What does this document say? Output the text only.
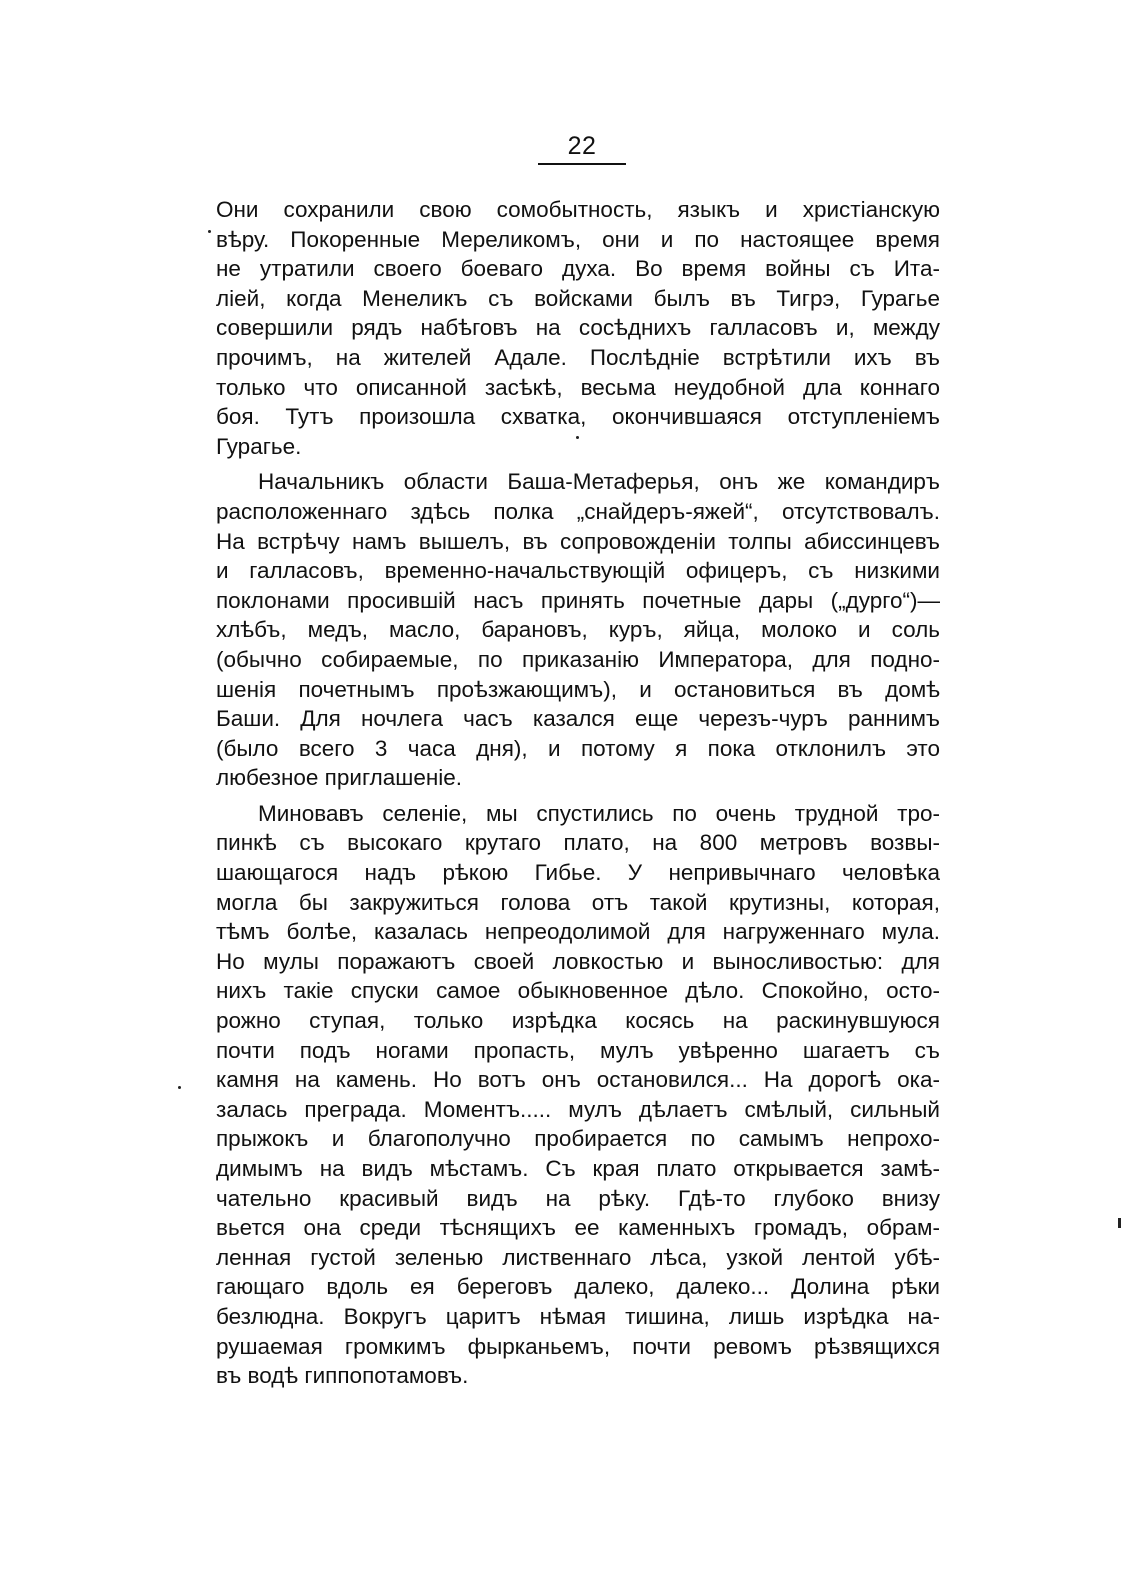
22
Они сохранили свою сомобытность, языкъ и христіанскую
вѣру. Покоренные Мереликомъ, они и по настоящее время
не утратили своего боеваго духа. Во время войны съ Ита-
ліей, когда Менеликъ съ войсками былъ въ Тигрэ, Гурагье
совершили рядъ набѣговъ на сосѣднихъ галласовъ и, между
прочимъ, на жителей Адале. Послѣдніе встрѣтили ихъ въ
только что описанной засѣкѣ, весьма неудобной дла коннаго
боя. Тутъ произошла схватка, окончившаяся отступленіемъ
Гурагье.
Начальникъ области Баша-Метаферья, онъ же командиръ
расположеннаго здѣсь полка „снайдеръ-яжей“, отсутствовалъ.
На встрѣчу намъ вышелъ, въ сопровожденіи толпы абиссинцевъ
и галласовъ, временно-начальствующій офицеръ, съ низкими
поклонами просившій насъ принять почетные дары („дурго“)—
хлѣбъ, медъ, масло, барановъ, куръ, яйца, молоко и соль
(обычно собираемые, по приказанію Императора, для подно-
шенія почетнымъ проѣзжающимъ), и остановиться въ домѣ
Баши. Для ночлега часъ казался еще черезъ-чуръ раннимъ
(было всего 3 часа дня), и потому я пока отклонилъ это
любезное приглашеніе.
Миновавъ селеніе, мы спустились по очень трудной тро-
пинкѣ съ высокаго крутаго плато, на 800 метровъ возвы-
шающагося надъ рѣкою Гибье. У непривычнаго человѣка
могла бы закружиться голова отъ такой крутизны, которая,
тѣмъ болѣе, казалась непреодолимой для нагруженнаго мула.
Но мулы поражаютъ своей ловкостью и выносливостью: для
нихъ такіе спуски самое обыкновенное дѣло. Спокойно, осто-
рожно ступая, только изрѣдка косясь на раскинувшуюся
почти подъ ногами пропасть, мулъ увѣренно шагаетъ съ
камня на камень. Но вотъ онъ остановился... На дорогѣ ока-
залась преграда. Моментъ..... мулъ дѣлаетъ смѣлый, сильный
прыжокъ и благополучно пробирается по самымъ непрохо-
димымъ на видъ мѣстамъ. Съ края плато открывается замѣ-
чательно красивый видъ на рѣку. Гдѣ-то глубоко внизу
вьется она среди тѣснящихъ ее каменныхъ громадъ, обрам-
ленная густой зеленью лиственнаго лѣса, узкой лентой убѣ-
гающаго вдоль ея береговъ далеко, далеко... Долина рѣки
безлюдна. Вокругъ царитъ нѣмая тишина, лишь изрѣдка на-
рушаемая громкимъ фырканьемъ, почти ревомъ рѣзвящихся
въ водѣ гиппопотамовъ.
